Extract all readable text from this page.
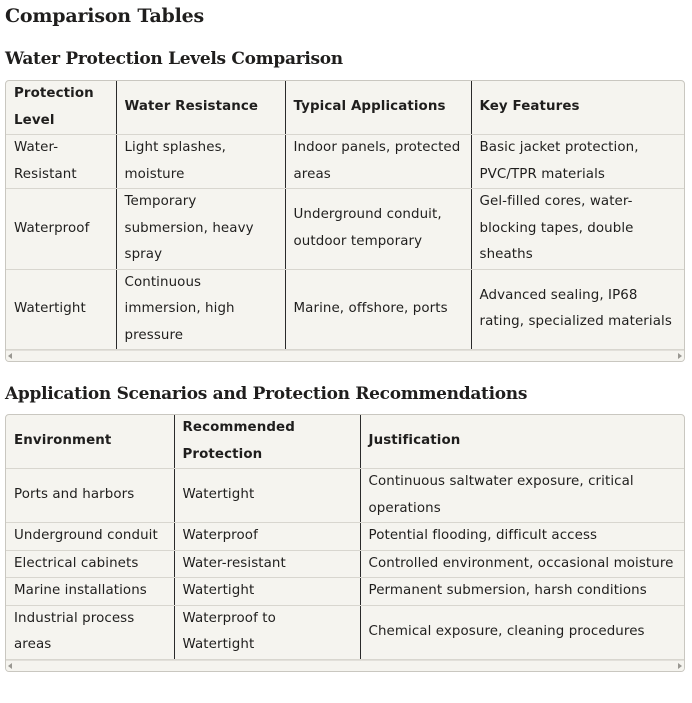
Comparison Tables
Water Protection Levels Comparison
Protection Level	Water Resistance	Typical Applications	Key Features
Water-Resistant	Light splashes, moisture	Indoor panels, protected areas	Basic jacket protection, PVC/TPR materials
Waterproof	Temporary submersion, heavy spray	Underground conduit, outdoor temporary	Gel-filled cores, water-blocking tapes, double sheaths
Watertight	Continuous immersion, high pressure	Marine, offshore, ports	Advanced sealing, IP68 rating, specialized materials
Application Scenarios and Protection Recommendations
Environment	Recommended Protection	Justification
Ports and harbors	Watertight	Continuous saltwater exposure, critical operations
Underground conduit	Waterproof	Potential flooding, difficult access
Electrical cabinets	Water-resistant	Controlled environment, occasional moisture
Marine installations	Watertight	Permanent submersion, harsh conditions
Industrial process areas	Waterproof to Watertight	Chemical exposure, cleaning procedures
